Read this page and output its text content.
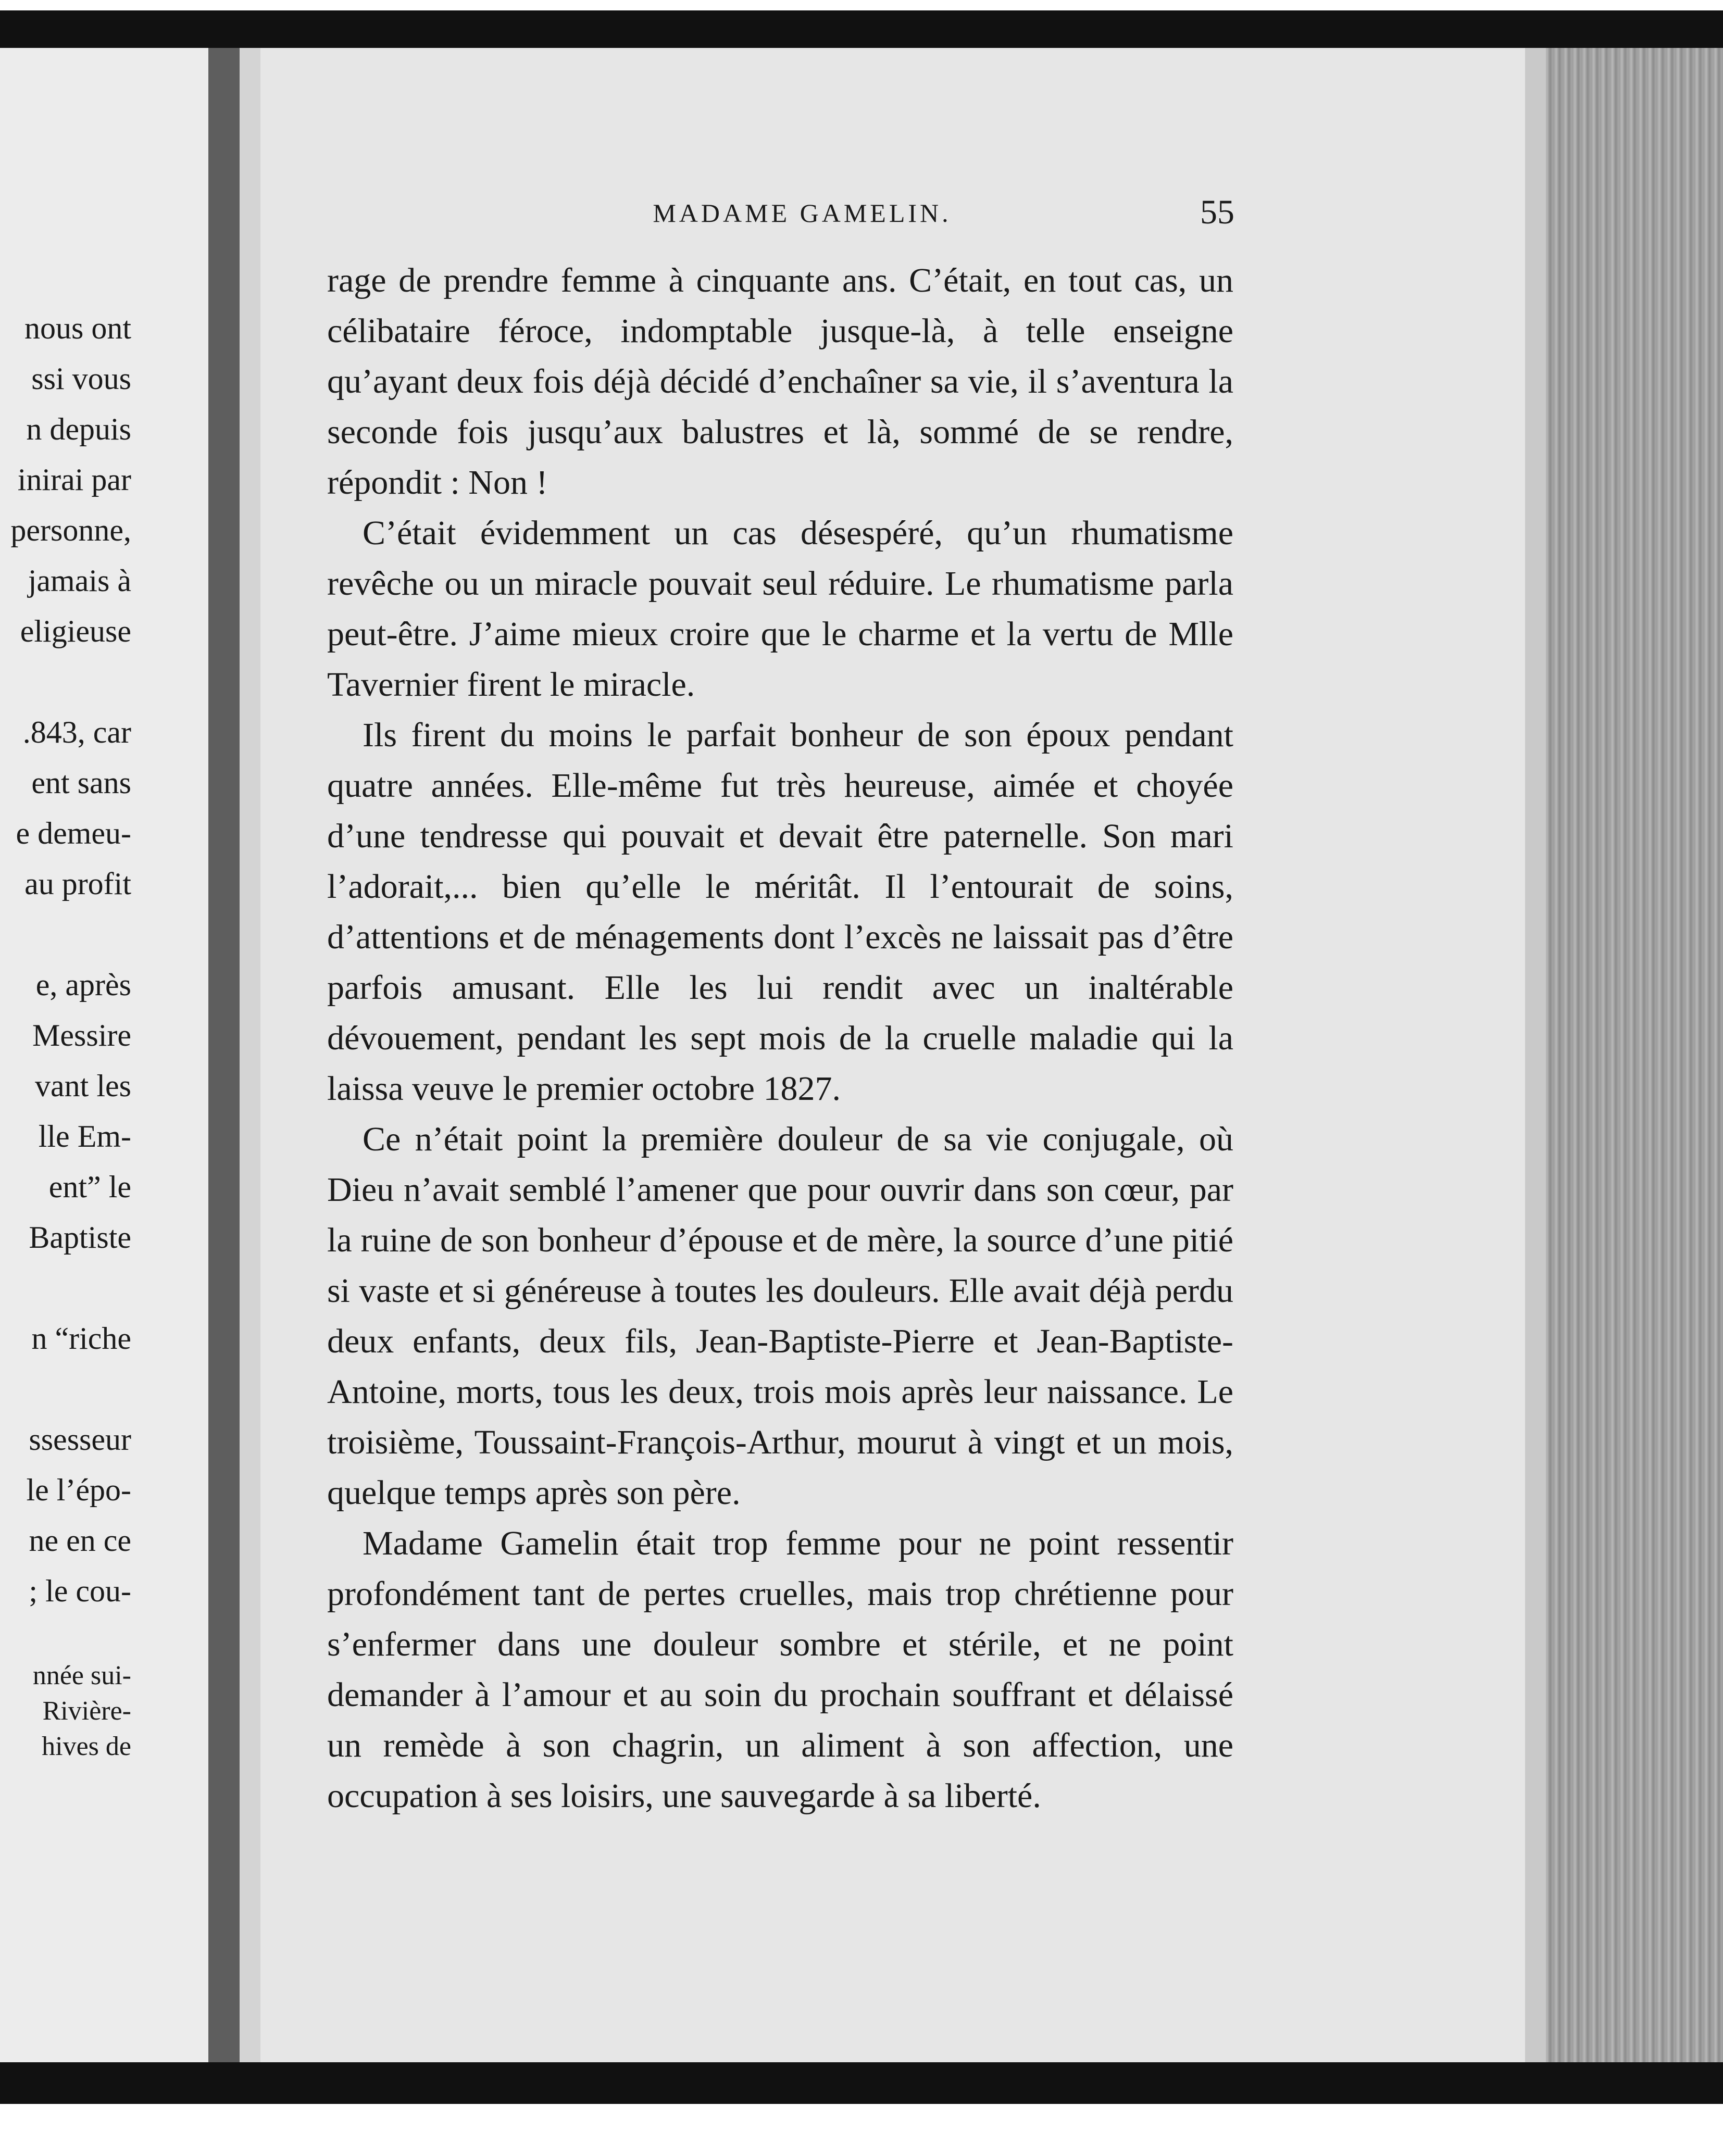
nous ont
ssi vous
n depuis
inirai par
personne,
jamais à
eligieuse
.843, car
ent sans
e demeu-
au profit
e, après
Messire
vant les
lle Em-
ent” le
Baptiste
n “riche
ssesseur
le l’épo-
ne en ce
; le cou-
nnée sui-
Rivière-
hives de
MADAME GAMELIN.	55

rage de prendre femme à cinquante ans. C’était, en tout cas, un célibataire féroce, indomptable jusque-là, à telle enseigne qu’ayant deux fois déjà décidé d’enchaîner sa vie, il s’aventura la seconde fois jusqu’aux balustres et là, sommé de se rendre, répondit : Non !

C’était évidemment un cas désespéré, qu’un rhumatisme revêche ou un miracle pouvait seul réduire. Le rhumatisme parla peut-être. J’aime mieux croire que le charme et la vertu de Mlle Tavernier firent le miracle.

Ils firent du moins le parfait bonheur de son époux pendant quatre années. Elle-même fut très heureuse, aimée et choyée d’une tendresse qui pouvait et devait être paternelle. Son mari l’adorait,... bien qu’elle le méritât. Il l’entourait de soins, d’attentions et de ménagements dont l’excès ne laissait pas d’être parfois amusant. Elle les lui rendit avec un inaltérable dévouement, pendant les sept mois de la cruelle maladie qui la laissa veuve le premier octobre 1827.

Ce n’était point la première douleur de sa vie conjugale, où Dieu n’avait semblé l’amener que pour ouvrir dans son cœur, par la ruine de son bonheur d’épouse et de mère, la source d’une pitié si vaste et si généreuse à toutes les douleurs. Elle avait déjà perdu deux enfants, deux fils, Jean-Baptiste-Pierre et Jean-Baptiste-Antoine, morts, tous les deux, trois mois après leur naissance. Le troisième, Toussaint-François-Arthur, mourut à vingt et un mois, quelque temps après son père.

Madame Gamelin était trop femme pour ne point ressentir profondément tant de pertes cruelles, mais trop chrétienne pour s’enfermer dans une douleur sombre et stérile, et ne point demander à l’amour et au soin du prochain souffrant et délaissé un remède à son chagrin, un aliment à son affection, une occupation à ses loisirs, une sauvegarde à sa liberté.
